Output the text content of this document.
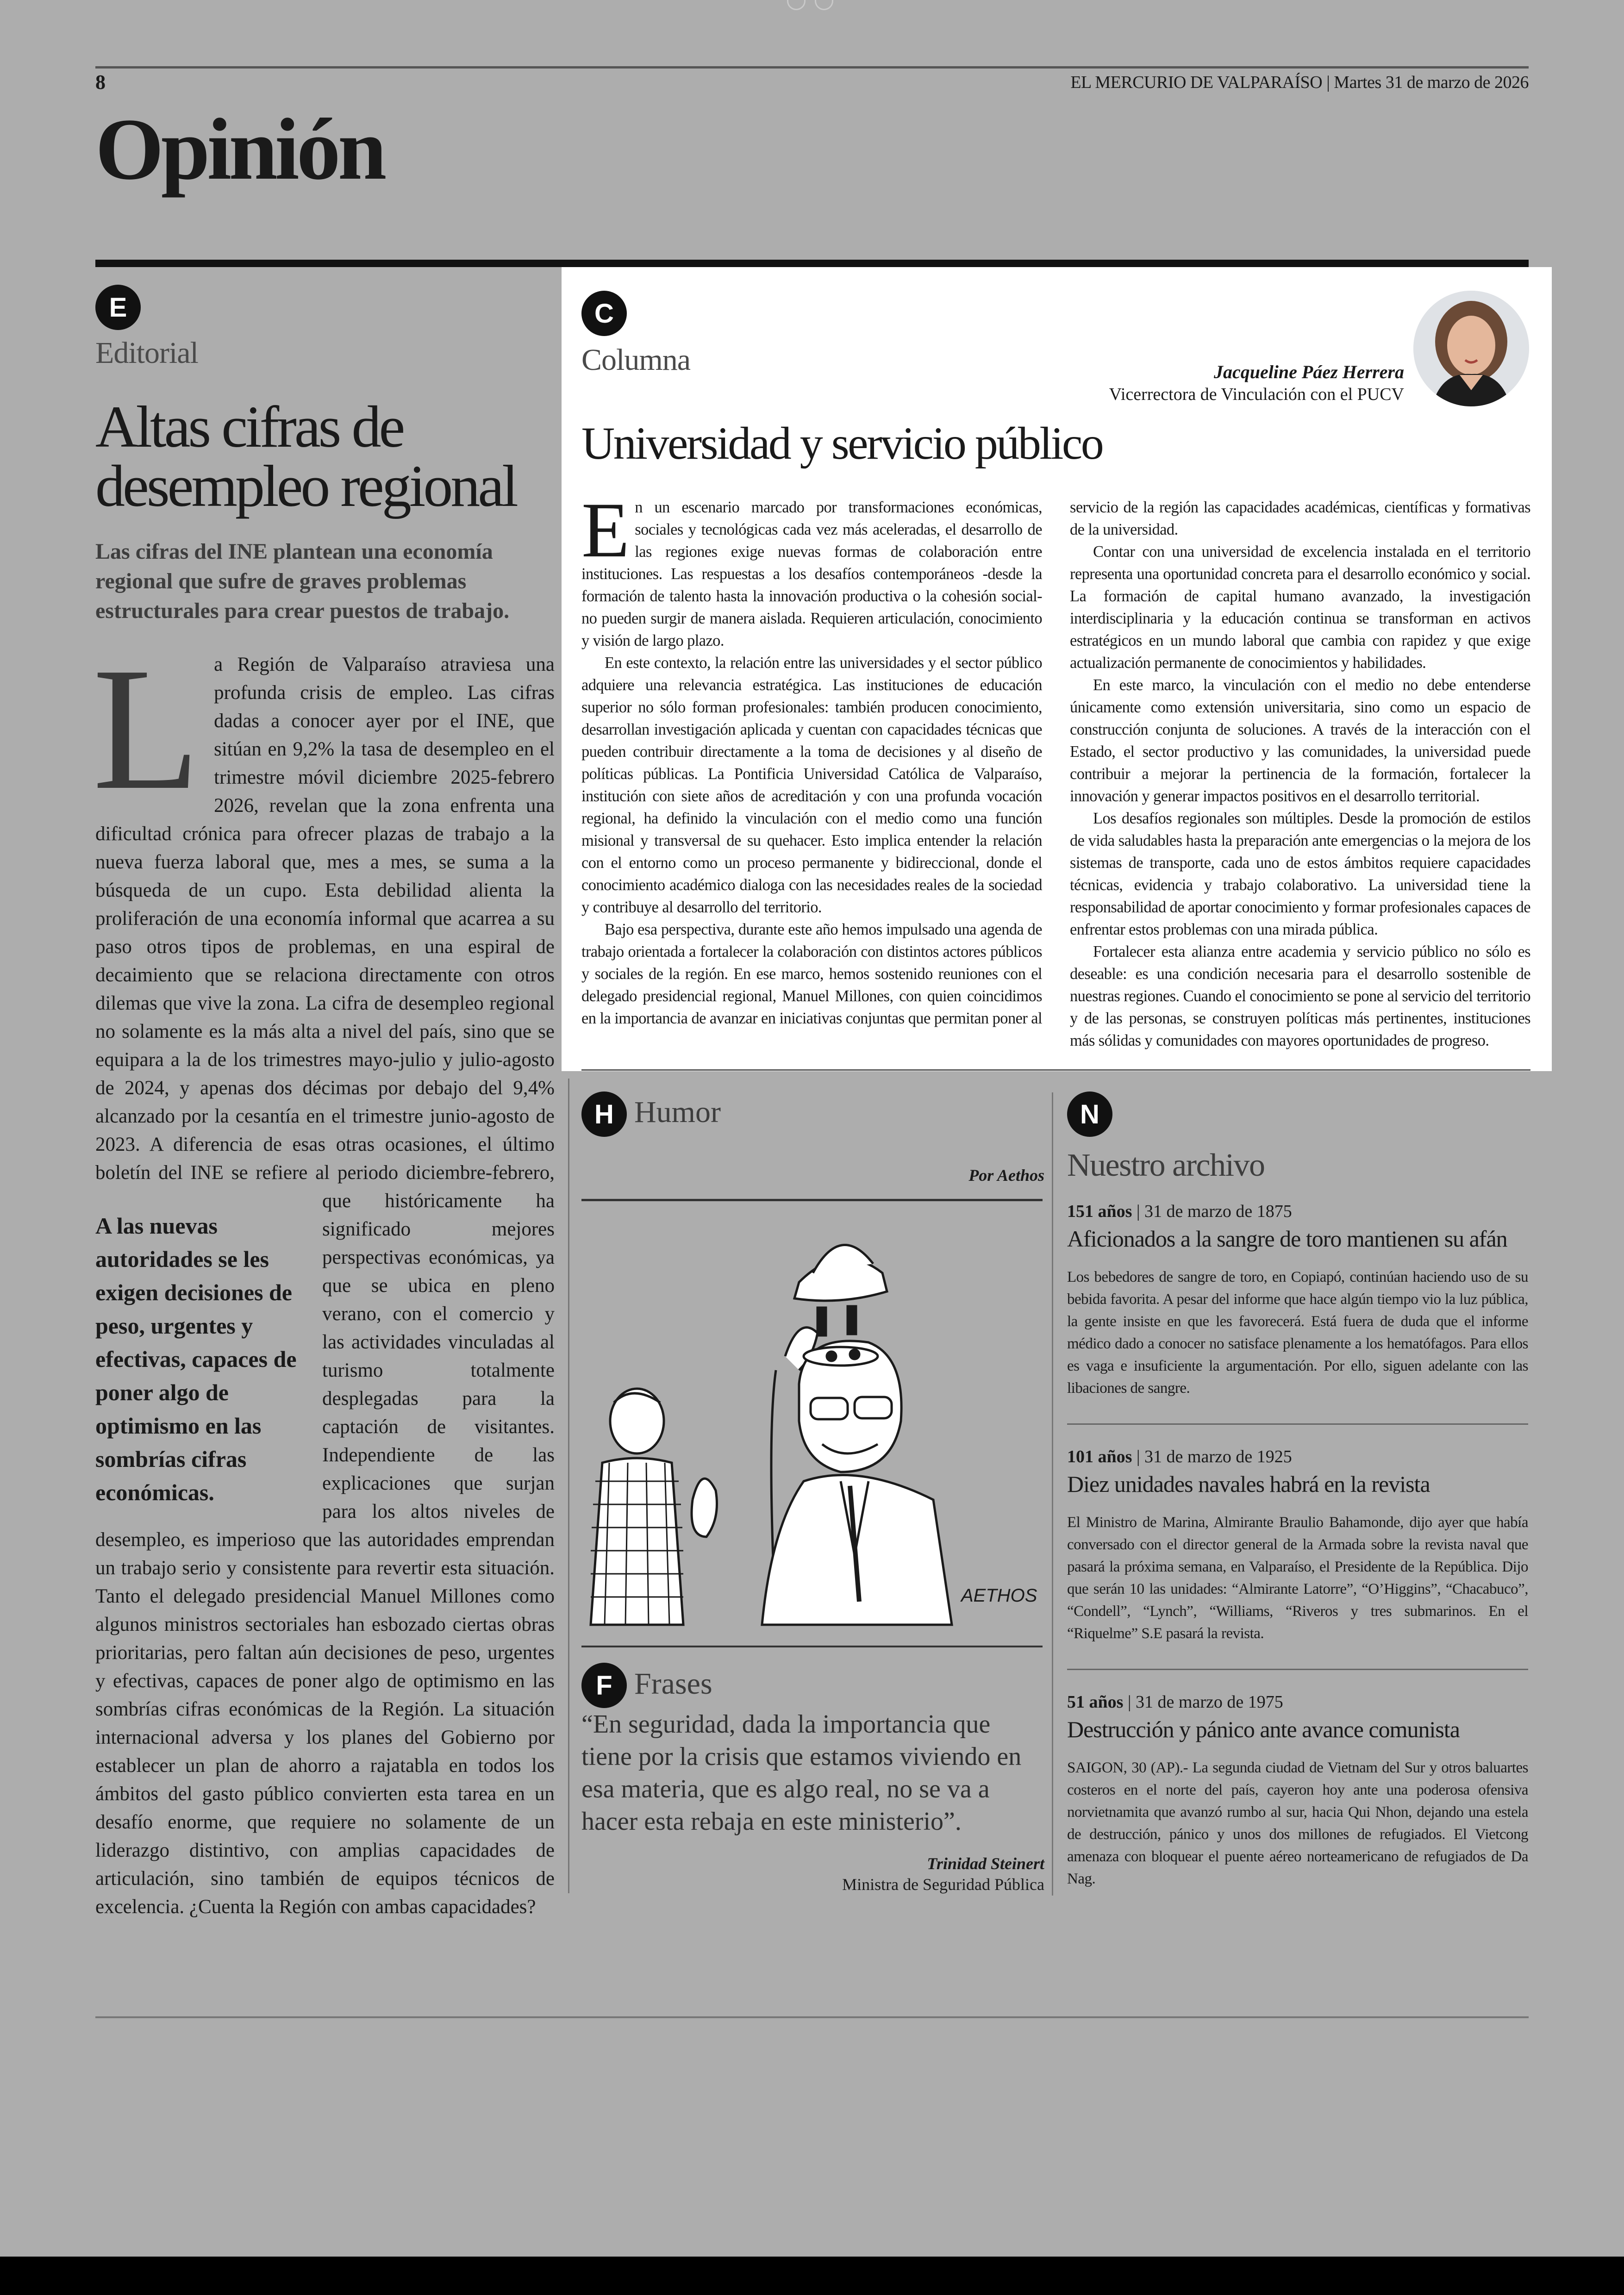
8	EL MERCURIO DE VALPARAÍSO | Martes 31 de marzo de 2026
Opinión
E
Editorial
Altas cifras de desempleo regional
Las cifras del INE plantean una economía regional que sufre de graves problemas estructurales para crear puestos de trabajo.
La Región de Valparaíso atraviesa una profunda crisis de empleo. Las cifras dadas a conocer ayer por el INE, que sitúan en 9,2% la tasa de desempleo en el trimestre móvil diciembre 2025-febrero 2026, revelan que la zona enfrenta una dificultad crónica para ofrecer plazas de trabajo a la nueva fuerza laboral que, mes a mes, se suma a la búsqueda de un cupo. Esta debilidad alienta la proliferación de una economía informal que acarrea a su paso otros tipos de problemas, en una espiral de decaimiento que se relaciona directamente con otros dilemas que vive la zona. La cifra de desempleo regional no solamente es la más alta a nivel del país, sino que se equipara a la de los trimestres mayo-julio y julio-agosto de 2024, y apenas dos décimas por debajo del 9,4% alcanzado por la cesantía en el trimestre junio-agosto de 2023. A diferencia de esas otras ocasiones, el último boletín del INE se refiere al periodo diciembre-febrero, que
A las nuevas autoridades se les exigen decisiones de peso, urgentes y efectivas, capaces de poner algo de optimismo en las sombrías cifras económicas.
históricamente ha significado mejores perspectivas económicas, ya que se ubica en pleno verano, con el comercio y las actividades vinculadas al turismo totalmente desplegadas para la captación de visitantes. Independiente de las explicaciones que surjan para los altos niveles de desempleo, es imperioso que las autoridades emprendan un trabajo serio y consistente para revertir esta situación. Tanto el delegado presidencial Manuel Millones como algunos ministros sectoriales han esbozado ciertas obras prioritarias, pero faltan aún decisiones de peso, urgentes y efectivas, capaces de poner algo de optimismo en las sombrías cifras económicas de la Región. La situación internacional adversa y los planes del Gobierno por establecer un plan de ahorro a rajatabla en todos los ámbitos del gasto público convierten esta tarea en un desafío enorme, que requiere no solamente de un liderazgo distintivo, con amplias capacidades de articulación, sino también de equipos técnicos de excelencia. ¿Cuenta la Región con ambas capacidades?
C
Columna	Jacqueline Páez Herrera
Vicerrectora de Vinculación con el PUCV
Universidad y servicio público

En un escenario marcado por transformaciones económicas, sociales y tecnológicas cada vez más aceleradas, el desarrollo de las regiones exige nuevas formas de colaboración entre instituciones. Las respuestas a los desafíos contemporáneos -desde la formación de talento hasta la innovación productiva o la cohesión social- no pueden surgir de manera aislada. Requieren articulación, conocimiento y visión de largo plazo.

En este contexto, la relación entre las universidades y el sector público adquiere una relevancia estratégica. Las instituciones de educación superior no sólo forman profesionales: también producen conocimiento, desarrollan investigación aplicada y cuentan con capacidades técnicas que pueden contribuir directamente a la toma de decisiones y al diseño de políticas públicas. La Pontificia Universidad Católica de Valparaíso, institución con siete años de acreditación y con una profunda vocación regional, ha definido la vinculación con el medio como una función misional y transversal de su quehacer. Esto implica entender la relación con el entorno como un proceso permanente y bidireccional, donde el conocimiento académico dialoga con las necesidades reales de la sociedad y contribuye al desarrollo del territorio.

Bajo esa perspectiva, durante este año hemos impulsado una agenda de trabajo orientada a fortalecer la colaboración con distintos actores públicos y sociales de la región. En ese marco, hemos sostenido reuniones con el delegado presidencial regional, Manuel Millones, con quien coincidimos en la importancia de avanzar en iniciativas conjuntas que permitan poner al servicio de la región las capacidades académicas, científicas y formativas de la universidad.

Contar con una universidad de excelencia instalada en el territorio representa una oportunidad concreta para el desarrollo económico y social. La formación de capital humano avanzado, la investigación interdisciplinaria y la educación continua se transforman en activos estratégicos en un mundo laboral que cambia con rapidez y que exige actualización permanente de conocimientos y habilidades.

En este marco, la vinculación con el medio no debe entenderse únicamente como extensión universitaria, sino como un espacio de construcción conjunta de soluciones. A través de la interacción con el Estado, el sector productivo y las comunidades, la universidad puede contribuir a mejorar la pertinencia de la formación, fortalecer la innovación y generar impactos positivos en el desarrollo territorial.

Los desafíos regionales son múltiples. Desde la promoción de estilos de vida saludables hasta la preparación ante emergencias o la mejora de los sistemas de transporte, cada uno de estos ámbitos requiere capacidades técnicas, evidencia y trabajo colaborativo. La universidad tiene la responsabilidad de aportar conocimiento y formar profesionales capaces de enfrentar estos problemas con una mirada pública.

Fortalecer esta alianza entre academia y servicio público no sólo es deseable: es una condición necesaria para el desarrollo sostenible de nuestras regiones. Cuando el conocimiento se pone al servicio del territorio y de las personas, se construyen políticas más pertinentes, instituciones más sólidas y comunidades con mayores oportunidades de progreso.

H Humor
Por Aethos
AETHOS
F Frases
“En seguridad, dada la importancia que tiene por la crisis que estamos viviendo en esa materia, que es algo real, no se va a hacer esta rebaja en este ministerio”.
Trinidad Steinert
Ministra de Seguridad Pública
N
Nuestro archivo
151 años | 31 de marzo de 1875
Aficionados a la sangre de toro mantienen su afán
Los bebedores de sangre de toro, en Copiapó, continúan haciendo uso de su bebida favorita. A pesar del informe que hace algún tiempo vio la luz pública, la gente insiste en que les favorecerá. Está fuera de duda que el informe médico dado a conocer no satisface plenamente a los hematófagos. Para ellos es vaga e insuficiente la argumentación. Por ello, siguen adelante con las libaciones de sangre.
101 años | 31 de marzo de 1925
Diez unidades navales habrá en la revista
El Ministro de Marina, Almirante Braulio Bahamonde, dijo ayer que había conversado con el director general de la Armada sobre la revista naval que pasará la próxima semana, en Valparaíso, el Presidente de la República. Dijo que serán 10 las unidades: “Almirante Latorre”, “O’Higgins”, “Chacabuco”, “Condell”, “Lynch”, “Williams, “Riveros y tres submarinos. En el “Riquelme” S.E pasará la revista.
51 años | 31 de marzo de 1975
Destrucción y pánico ante avance comunista
SAIGON, 30 (AP).- La segunda ciudad de Vietnam del Sur y otros baluartes costeros en el norte del país, cayeron hoy ante una poderosa ofensiva norvietnamita que avanzó rumbo al sur, hacia Qui Nhon, dejando una estela de destrucción, pánico y unos dos millones de refugiados. El Vietcong amenaza con bloquear el puente aéreo norteamericano de refugiados de Da Nag.
